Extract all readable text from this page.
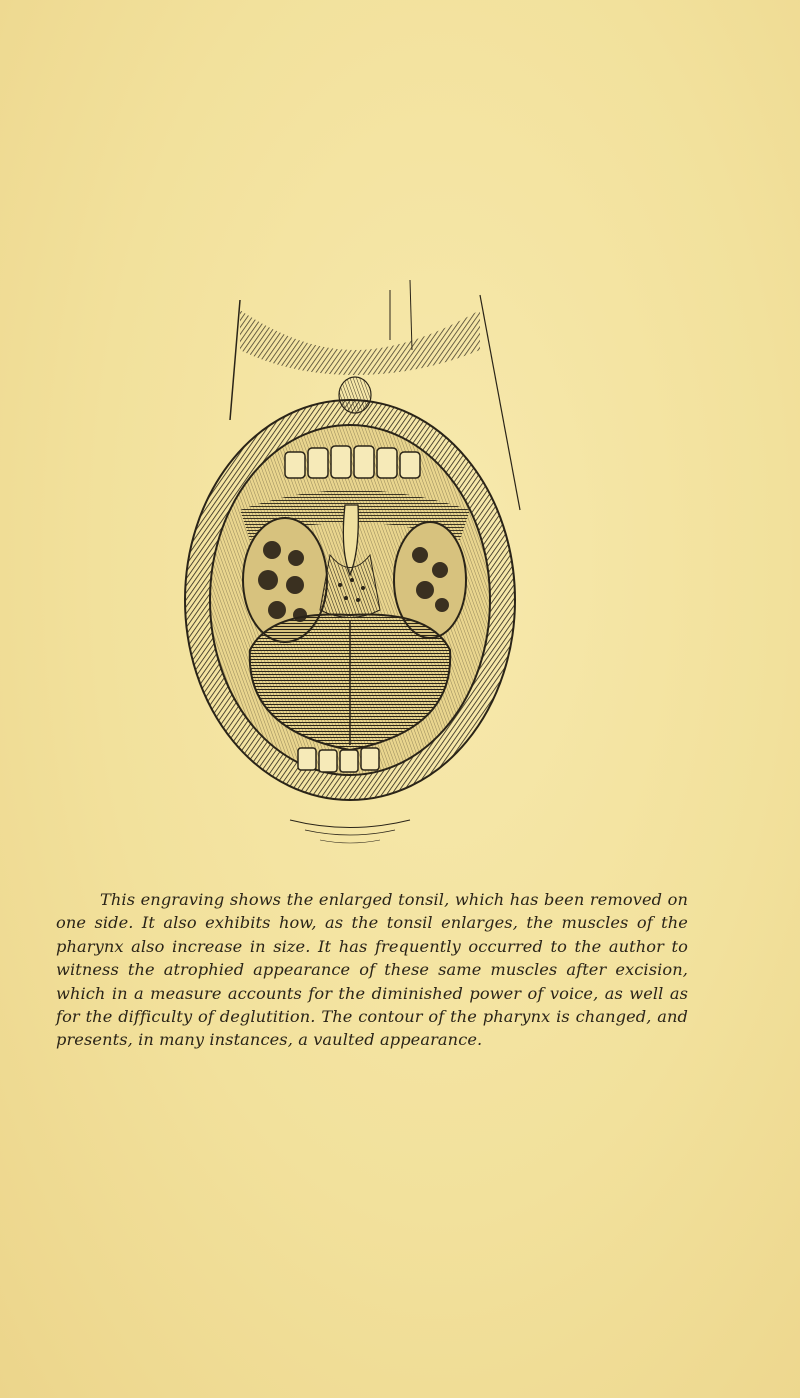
This engraving shows the enlarged tonsil, which has been removed on one side. It also exhibits how, as the tonsil enlarges, the muscles of the pharynx also increase in size. It has frequently occurred to the author to witness the atrophied appearance of these same muscles after excision, which in a measure accounts for the diminished power of voice, as well as for the difficulty of deglutition. The contour of the pharynx is changed, and presents, in many instances, a vaulted appearance.
